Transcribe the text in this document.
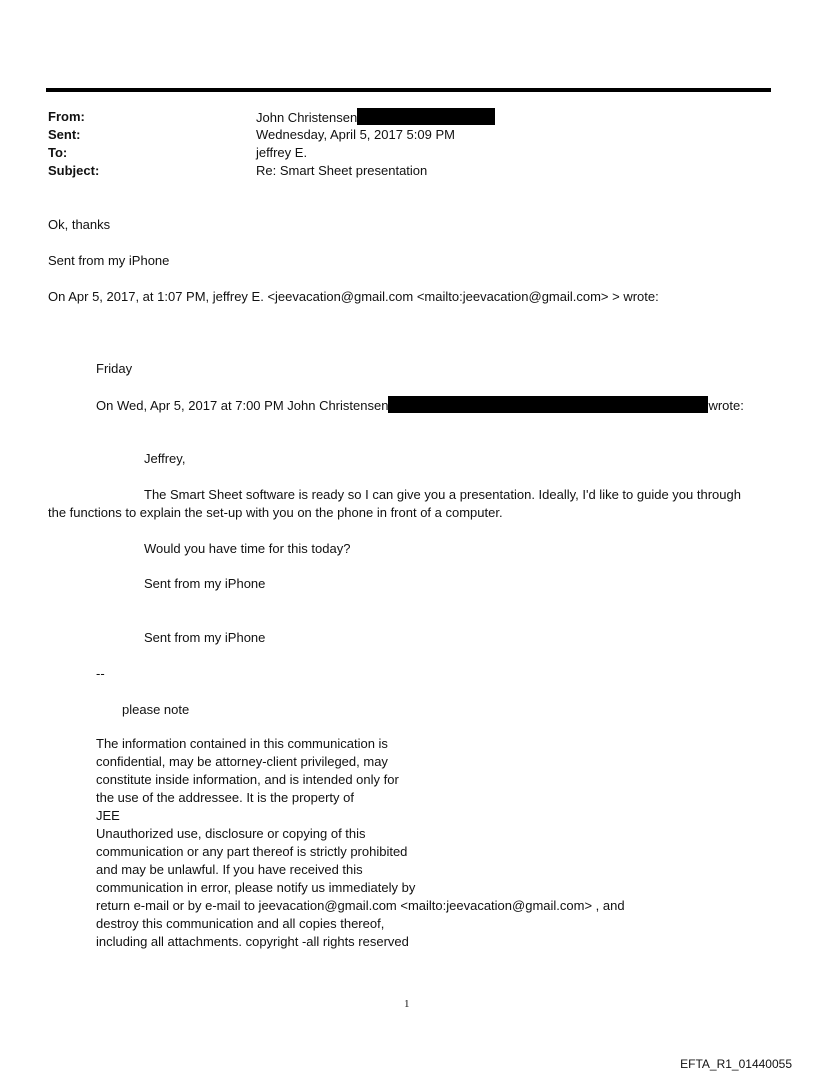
From:	John Christensen
Sent:	Wednesday, April 5, 2017 5:09 PM
To:	jeffrey E.
Subject:	Re: Smart Sheet presentation
Ok, thanks
Sent from my iPhone
On Apr 5, 2017, at 1:07 PM, jeffrey E. <jeevacation@gmail.com <mailto:jeevacation@gmail.com> > wrote:
Friday
On Wed, Apr 5, 2017 at 7:00 PM John Christensen	wrote:
Jeffrey,
The Smart Sheet software is ready so I can give you a presentation. Ideally, I'd like to guide you through
the functions to explain the set-up with you on the phone in front of a computer.
Would you have time for this today?
Sent from my iPhone
Sent from my iPhone
--
please note
The information contained in this communication is
confidential, may be attorney-client privileged, may
constitute inside information, and is intended only for
the use of the addressee. It is the property of
JEE
Unauthorized use, disclosure or copying of this
communication or any part thereof is strictly prohibited
and may be unlawful. If you have received this
communication in error, please notify us immediately by
return e-mail or by e-mail to jeevacation@gmail.com <mailto:jeevacation@gmail.com> , and
destroy this communication and all copies thereof,
including all attachments. copyright -all rights reserved
1
EFTA_R1_01440055
